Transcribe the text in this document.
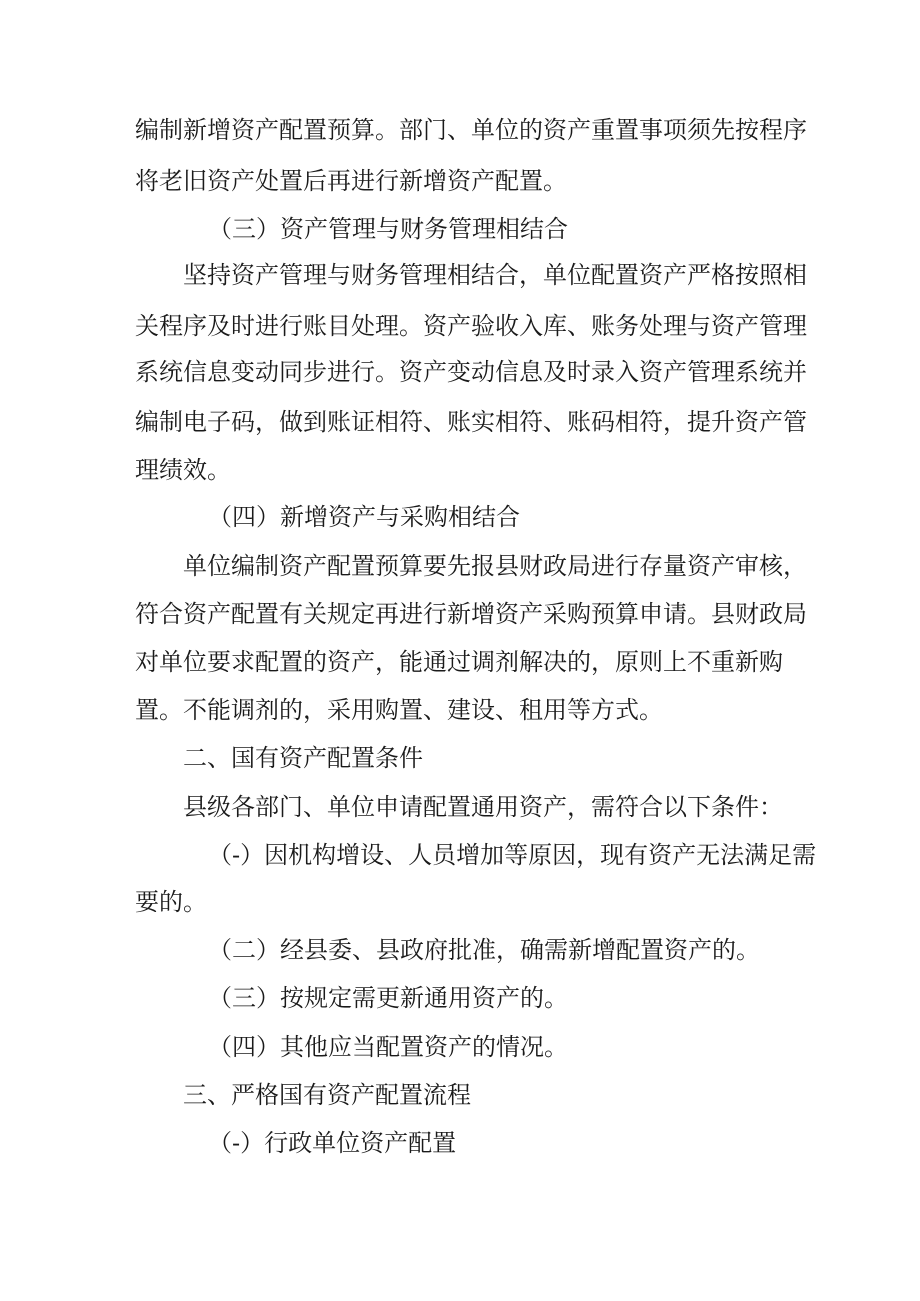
编制新增资产配置预算。部门、单位的资产重置事项须先按程序
将老旧资产处置后再进行新增资产配置。
（三）资产管理与财务管理相结合
坚持资产管理与财务管理相结合，单位配置资产严格按照相
关程序及时进行账目处理。资产验收入库、账务处理与资产管理
系统信息变动同步进行。资产变动信息及时录入资产管理系统并
编制电子码，做到账证相符、账实相符、账码相符，提升资产管
理绩效。
（四）新增资产与采购相结合
单位编制资产配置预算要先报县财政局进行存量资产审核，
符合资产配置有关规定再进行新增资产采购预算申请。县财政局
对单位要求配置的资产，能通过调剂解决的，原则上不重新购
置。不能调剂的，采用购置、建设、租用等方式。
二、国有资产配置条件
县级各部门、单位申请配置通用资产，需符合以下条件：
（-）因机构增设、人员增加等原因，现有资产无法满足需
要的。
（二）经县委、县政府批准，确需新增配置资产的。
（三）按规定需更新通用资产的。
（四）其他应当配置资产的情况。
三、严格国有资产配置流程
（-）行政单位资产配置
